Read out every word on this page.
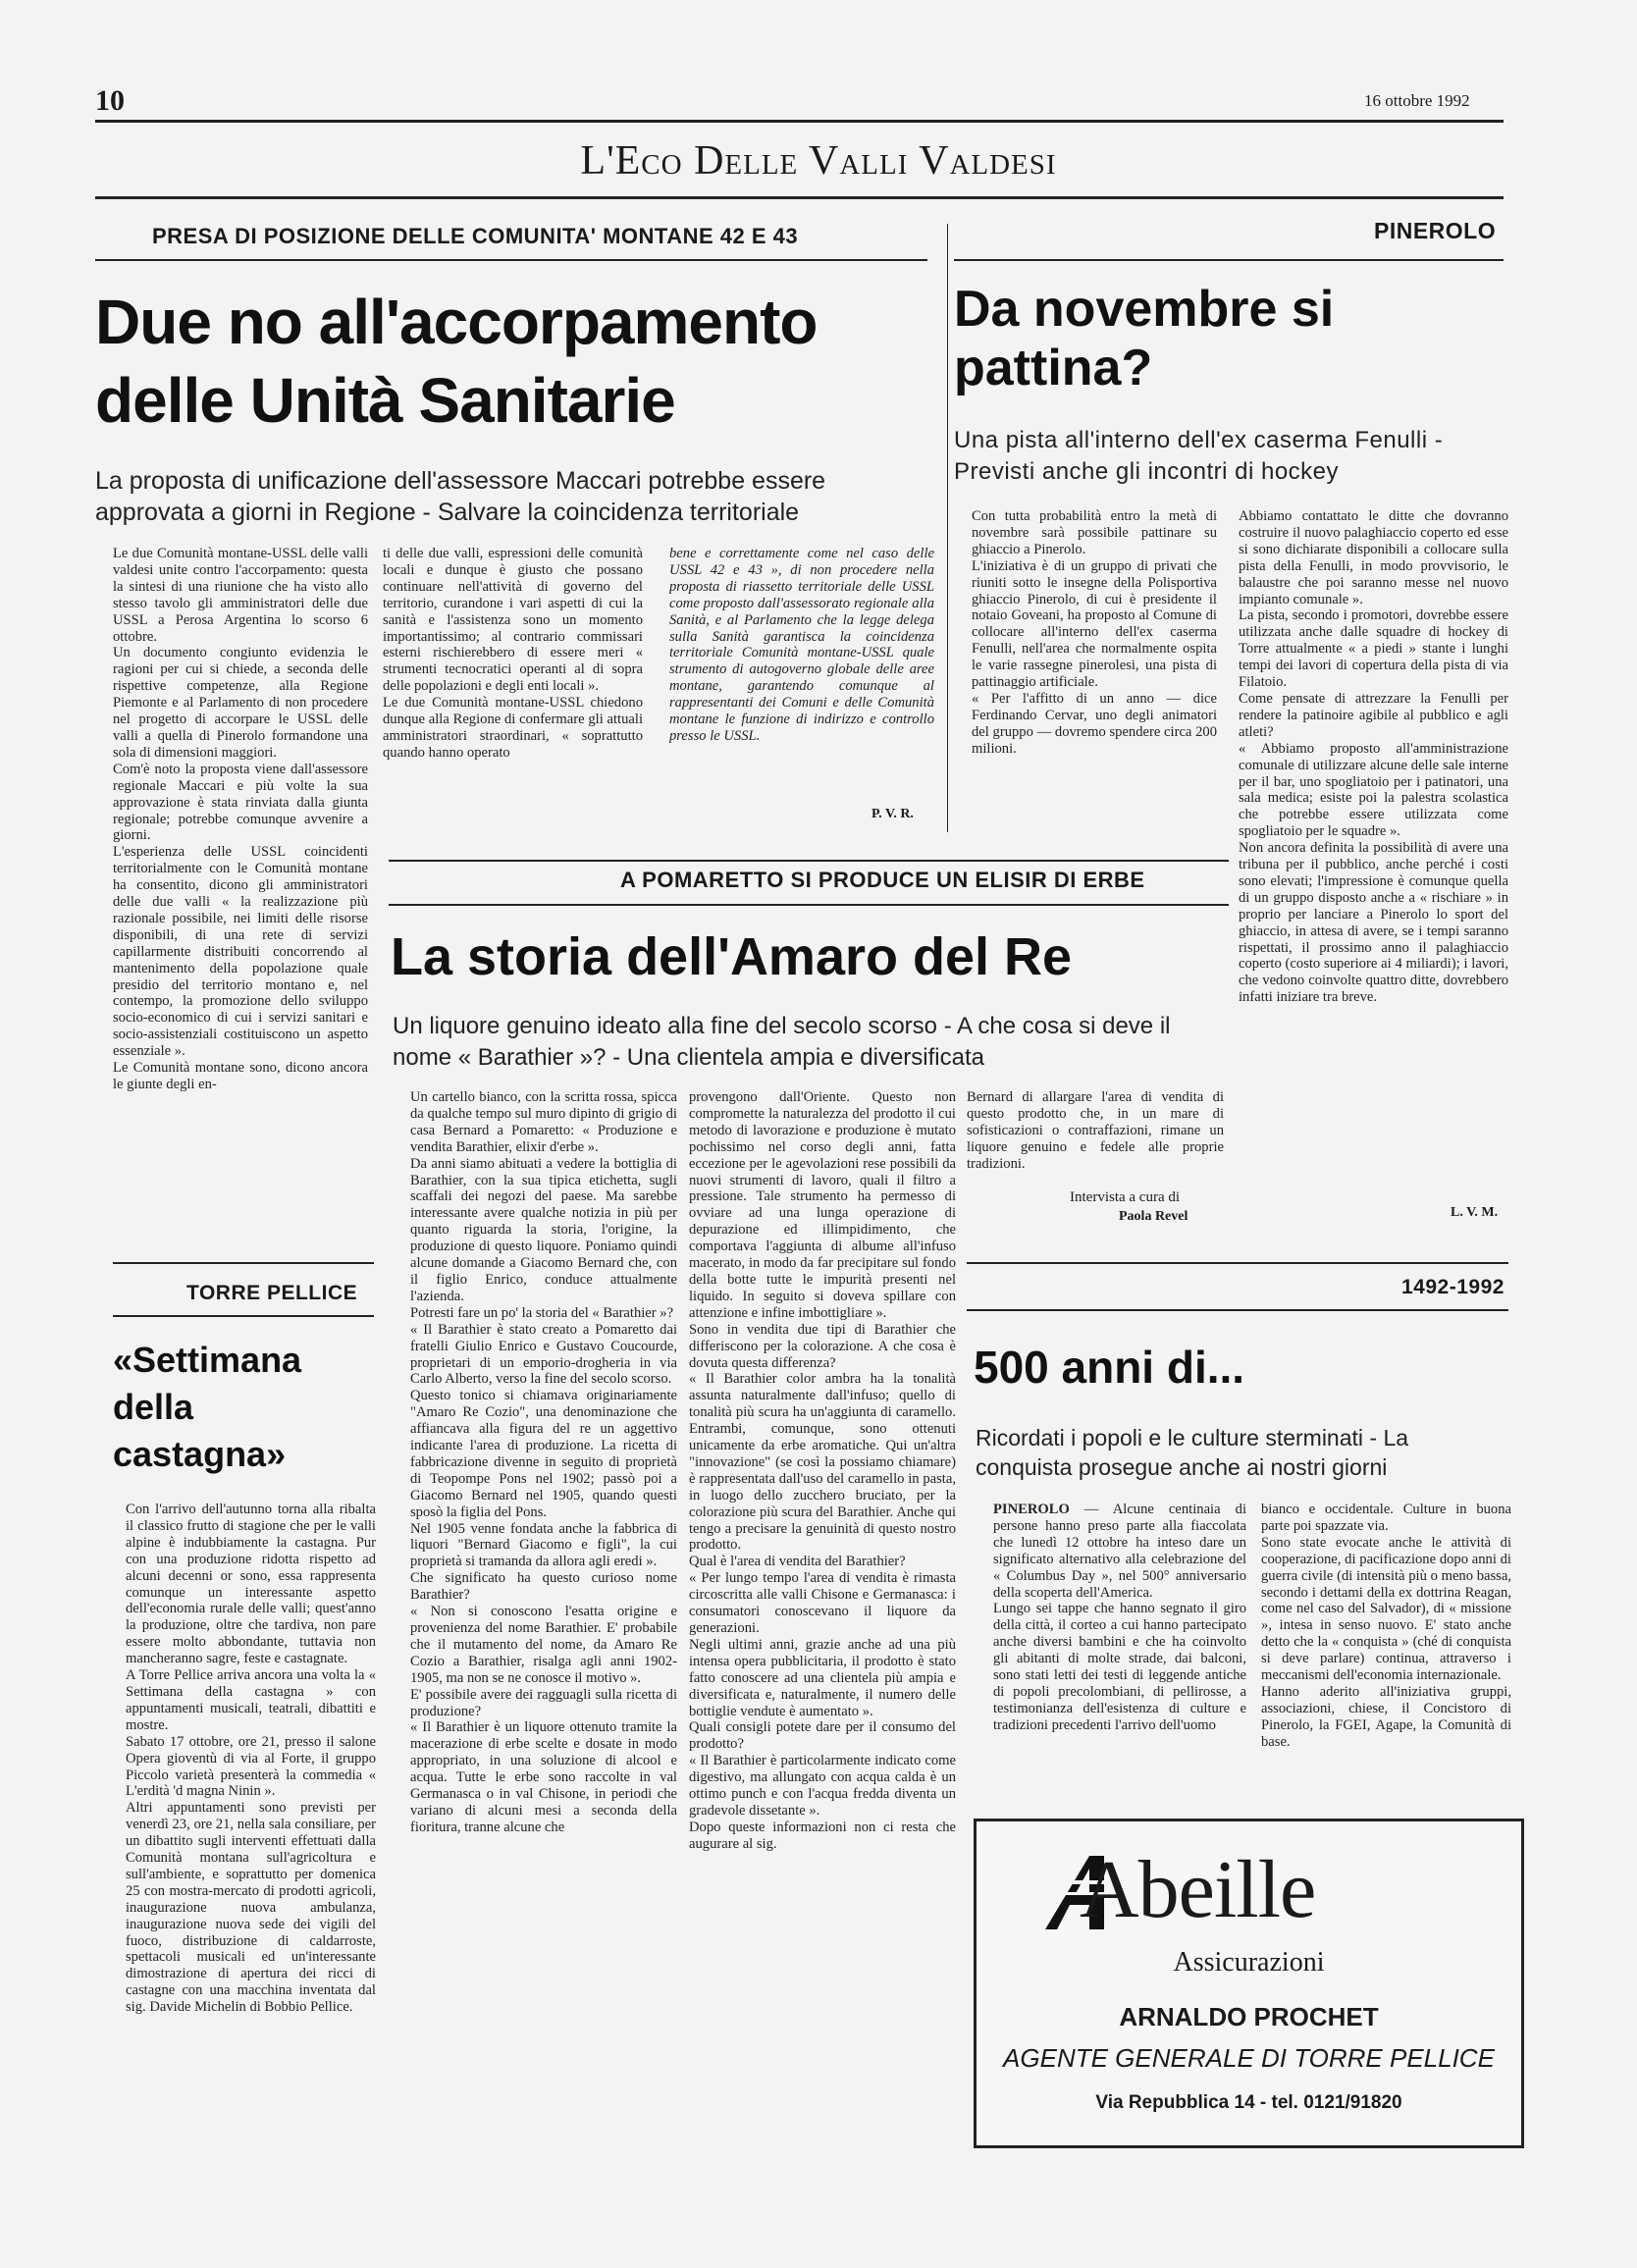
10	16 ottobre 1992
L'Eco Delle Valli Valdesi
PRESA DI POSIZIONE DELLE COMUNITA' MONTANE 42 E 43
Due no all'accorpamento delle Unità Sanitarie
La proposta di unificazione dell'assessore Maccari potrebbe essere approvata a giorni in Regione - Salvare la coincidenza territoriale
Le due Comunità montane-USSL delle valli valdesi unite contro l'accorpamento: questa la sintesi di una riunione che ha visto allo stesso tavolo gli amministratori delle due USSL a Perosa Argentina lo scorso 6 ottobre.
Un documento congiunto evidenzia le ragioni per cui si chiede, a seconda delle rispettive competenze, alla Regione Piemonte e al Parlamento di non procedere nel progetto di accorpare le USSL delle valli a quella di Pinerolo formandone una sola di dimensioni maggiori.
Com'è noto la proposta viene dall'assessore regionale Maccari e più volte la sua approvazione è stata rinviata dalla giunta regionale; potrebbe comunque avvenire a giorni.
L'esperienza delle USSL coincidenti territorialmente con le Comunità montane ha consentito, dicono gli amministratori delle due valli « la realizzazione più razionale possibile, nei limiti delle risorse disponibili, di una rete di servizi capillarmente distribuiti concorrendo al mantenimento della popolazione quale presidio del territorio montano e, nel contempo, la promozione dello sviluppo socio-economico di cui i servizi sanitari e socio-assistenziali costituiscono un aspetto essenziale ».
Le Comunità montane sono, dicono ancora le giunte degli en-
ti delle due valli, espressioni delle comunità locali e dunque è giusto che possano continuare nell'attività di governo del territorio, curandone i vari aspetti di cui la sanità e l'assistenza sono un momento importantissimo; al contrario commissari esterni rischierebbero di essere meri « strumenti tecnocratici operanti al di sopra delle popolazioni e degli enti locali ».
Le due Comunità montane-USSL chiedono dunque alla Regione di confermare gli attuali amministratori straordinari, « soprattutto quando hanno operato
bene e correttamente come nel caso delle USSL 42 e 43 », di non procedere nella proposta di riassetto territoriale delle USSL come proposto dall'assessorato regionale alla Sanità, e al Parlamento che la legge delega sulla Sanità garantisca la coincidenza territoriale Comunità montane-USSL quale strumento di autogoverno globale delle aree montane, garantendo comunque al rappresentanti dei Comuni e delle Comunità montane le funzione di indirizzo e controllo presso le USSL.
P. V. R.
PINEROLO
Da novembre si pattina?
Una pista all'interno dell'ex caserma Fenulli - Previsti anche gli incontri di hockey
Con tutta probabilità entro la metà di novembre sarà possibile pattinare su ghiaccio a Pinerolo.
L'iniziativa è di un gruppo di privati che riuniti sotto le insegne della Polisportiva ghiaccio Pinerolo, di cui è presidente il notaio Goveani, ha proposto al Comune di collocare all'interno dell'ex caserma Fenulli, nell'area che normalmente ospita le varie rassegne pinerolesi, una pista di pattinaggio artificiale.
« Per l'affitto di un anno — dice Ferdinando Cervar, uno degli animatori del gruppo — dovremo spendere circa 200 milioni.
Abbiamo contattato le ditte che dovranno costruire il nuovo palaghiaccio coperto ed esse si sono dichiarate disponibili a collocare sulla pista della Fenulli, in modo provvisorio, le balaustre che poi saranno messe nel nuovo impianto comunale ».
La pista, secondo i promotori, dovrebbe essere utilizzata anche dalle squadre di hockey di Torre attualmente « a piedi » stante i lunghi tempi dei lavori di copertura della pista di via Filatoio.
Come pensate di attrezzare la Fenulli per rendere la patinoire agibile al pubblico e agli atleti?
« Abbiamo proposto all'amministrazione comunale di utilizzare alcune delle sale interne per il bar, uno spogliatoio per i patinatori, una sala medica; esiste poi la palestra scolastica che potrebbe essere utilizzata come spogliatoio per le squadre ».
Non ancora definita la possibilità di avere una tribuna per il pubblico, anche perché i costi sono elevati; l'impressione è comunque quella di un gruppo disposto anche a « rischiare » in proprio per lanciare a Pinerolo lo sport del ghiaccio, in attesa di avere, se i tempi saranno rispettati, il prossimo anno il palaghiaccio coperto (costo superiore ai 4 miliardi); i lavori, che vedono coinvolte quattro ditte, dovrebbero infatti iniziare tra breve.
L. V. M.
A POMARETTO SI PRODUCE UN ELISIR DI ERBE
La storia dell'Amaro del Re
Un liquore genuino ideato alla fine del secolo scorso - A che cosa si deve il nome « Barathier »? - Una clientela ampia e diversificata
Un cartello bianco, con la scritta rossa, spicca da qualche tempo sul muro dipinto di grigio di casa Bernard a Pomaretto: « Produzione e vendita Barathier, elixir d'erbe ».
Da anni siamo abituati a vedere la bottiglia di Barathier, con la sua tipica etichetta, sugli scaffali dei negozi del paese. Ma sarebbe interessante avere qualche notizia in più per quanto riguarda la storia, l'origine, la produzione di questo liquore. Poniamo quindi alcune domande a Giacomo Bernard che, con il figlio Enrico, conduce attualmente l'azienda.
Potresti fare un po' la storia del « Barathier »?
« Il Barathier è stato creato a Pomaretto dai fratelli Giulio Enrico e Gustavo Coucourde, proprietari di un emporio-drogheria in via Carlo Alberto, verso la fine del secolo scorso.
Questo tonico si chiamava originariamente "Amaro Re Cozio", una denominazione che affiancava alla figura del re un aggettivo indicante l'area di produzione. La ricetta di fabbricazione divenne in seguito di proprietà di Teopompe Pons nel 1902; passò poi a Giacomo Bernard nel 1905, quando questi sposò la figlia del Pons.
Nel 1905 venne fondata anche la fabbrica di liquori "Bernard Giacomo e figli", la cui proprietà si tramanda da allora agli eredi ».
Che significato ha questo curioso nome Barathier?
« Non si conoscono l'esatta origine e provenienza del nome Barathier. E' probabile che il mutamento del nome, da Amaro Re Cozio a Barathier, risalga agli anni 1902-1905, ma non se ne conosce il motivo ».
E' possibile avere dei ragguagli sulla ricetta di produzione?
« Il Barathier è un liquore ottenuto tramite la macerazione di erbe scelte e dosate in modo appropriato, in una soluzione di alcool e acqua. Tutte le erbe sono raccolte in val Germanasca o in val Chisone, in periodi che variano di alcuni mesi a seconda della fioritura, tranne alcune che
provengono dall'Oriente. Questo non compromette la naturalezza del prodotto il cui metodo di lavorazione e produzione è mutato pochissimo nel corso degli anni, fatta eccezione per le agevolazioni rese possibili da nuovi strumenti di lavoro, quali il filtro a pressione. Tale strumento ha permesso di ovviare ad una lunga operazione di depurazione ed illimpidimento, che comportava l'aggiunta di albume all'infuso macerato, in modo da far precipitare sul fondo della botte tutte le impurità presenti nel liquido. In seguito si doveva spillare con attenzione e infine imbottigliare ».
Sono in vendita due tipi di Barathier che differiscono per la colorazione. A che cosa è dovuta questa differenza?
« Il Barathier color ambra ha la tonalità assunta naturalmente dall'infuso; quello di tonalità più scura ha un'aggiunta di caramello. Entrambi, comunque, sono ottenuti unicamente da erbe aromatiche. Qui un'altra "innovazione" (se così la possiamo chiamare) è rappresentata dall'uso del caramello in pasta, in luogo dello zucchero bruciato, per la colorazione più scura del Barathier. Anche qui tengo a precisare la genuinità di questo nostro prodotto.
Qual è l'area di vendita del Barathier?
« Per lungo tempo l'area di vendita è rimasta circoscritta alle valli Chisone e Germanasca: i consumatori conoscevano il liquore da generazioni.
Negli ultimi anni, grazie anche ad una più intensa opera pubblicitaria, il prodotto è stato fatto conoscere ad una clientela più ampia e diversificata e, naturalmente, il numero delle bottiglie vendute è aumentato ».
Quali consigli potete dare per il consumo del prodotto?
« Il Barathier è particolarmente indicato come digestivo, ma allungato con acqua calda è un ottimo punch e con l'acqua fredda diventa un gradevole dissetante ».
Dopo queste informazioni non ci resta che augurare al sig.
Bernard di allargare l'area di vendita di questo prodotto che, in un mare di sofisticazioni o contraffazioni, rimane un liquore genuino e fedele alle proprie tradizioni.
Intervista a cura di
Paola Revel
TORRE PELLICE
«Settimana della castagna»
Con l'arrivo dell'autunno torna alla ribalta il classico frutto di stagione che per le valli alpine è indubbiamente la castagna. Pur con una produzione ridotta rispetto ad alcuni decenni or sono, essa rappresenta comunque un interessante aspetto dell'economia rurale delle valli; quest'anno la produzione, oltre che tardiva, non pare essere molto abbondante, tuttavia non mancheranno sagre, feste e castagnate.
A Torre Pellice arriva ancora una volta la « Settimana della castagna » con appuntamenti musicali, teatrali, dibattiti e mostre.
Sabato 17 ottobre, ore 21, presso il salone Opera gioventù di via al Forte, il gruppo Piccolo varietà presenterà la commedia « L'erdità 'd magna Ninin ».
Altri appuntamenti sono previsti per venerdì 23, ore 21, nella sala consiliare, per un dibattito sugli interventi effettuati dalla Comunità montana sull'agricoltura e sull'ambiente, e soprattutto per domenica 25 con mostra-mercato di prodotti agricoli, inaugurazione nuova ambulanza, inaugurazione nuova sede dei vigili del fuoco, distribuzione di caldarroste, spettacoli musicali ed un'interessante dimostrazione di apertura dei ricci di castagne con una macchina inventata dal sig. Davide Michelin di Bobbio Pellice.
1492-1992
500 anni di...
Ricordati i popoli e le culture sterminati - La conquista prosegue anche ai nostri giorni
PINEROLO — Alcune centinaia di persone hanno preso parte alla fiaccolata che lunedì 12 ottobre ha inteso dare un significato alternativo alla celebrazione del « Columbus Day », nel 500° anniversario della scoperta dell'America.
Lungo sei tappe che hanno segnato il giro della città, il corteo a cui hanno partecipato anche diversi bambini e che ha coinvolto gli abitanti di molte strade, dai balconi, sono stati letti dei testi di leggende antiche di popoli precolombiani, di pellirosse, a testimonianza dell'esistenza di culture e tradizioni precedenti l'arrivo dell'uomo
bianco e occidentale. Culture in buona parte poi spazzate via.
Sono state evocate anche le attività di cooperazione, di pacificazione dopo anni di guerra civile (di intensità più o meno bassa, secondo i dettami della ex dottrina Reagan, come nel caso del Salvador), di « missione », intesa in senso nuovo. E' stato anche detto che la « conquista » (ché di conquista si deve parlare) continua, attraverso i meccanismi dell'economia internazionale.
Hanno aderito all'iniziativa gruppi, associazioni, chiese, il Concistoro di Pinerolo, la FGEI, Agape, la Comunità di base.
Abeille
Assicurazioni
ARNALDO PROCHET
AGENTE GENERALE DI TORRE PELLICE
Via Repubblica 14 - tel. 0121/91820
